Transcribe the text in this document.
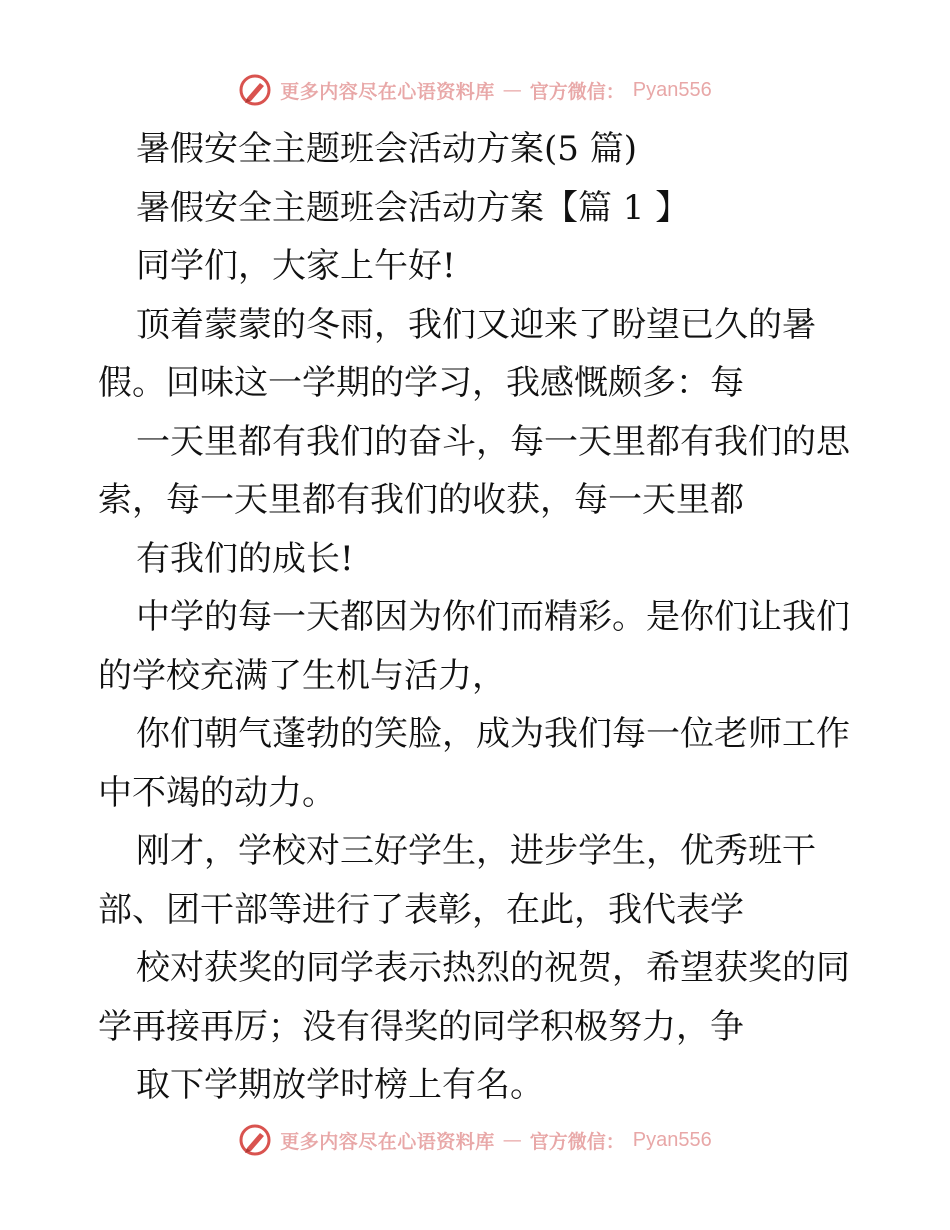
更多内容尽在心语资料库 — 官方微信： Pyan556
暑假安全主题班会活动方案(5 篇)
暑假安全主题班会活动方案【篇 1 】
同学们，大家上午好!
顶着蒙蒙的冬雨，我们又迎来了盼望已久的暑
假。回味这一学期的学习，我感慨颇多：每
一天里都有我们的奋斗，每一天里都有我们的思
索，每一天里都有我们的收获，每一天里都
有我们的成长!
中学的每一天都因为你们而精彩。是你们让我们
的学校充满了生机与活力，
你们朝气蓬勃的笑脸，成为我们每一位老师工作
中不竭的动力。
刚才，学校对三好学生，进步学生，优秀班干
部、团干部等进行了表彰，在此，我代表学
校对获奖的同学表示热烈的祝贺，希望获奖的同
学再接再厉；没有得奖的同学积极努力，争
取下学期放学时榜上有名。
更多内容尽在心语资料库 — 官方微信： Pyan556
